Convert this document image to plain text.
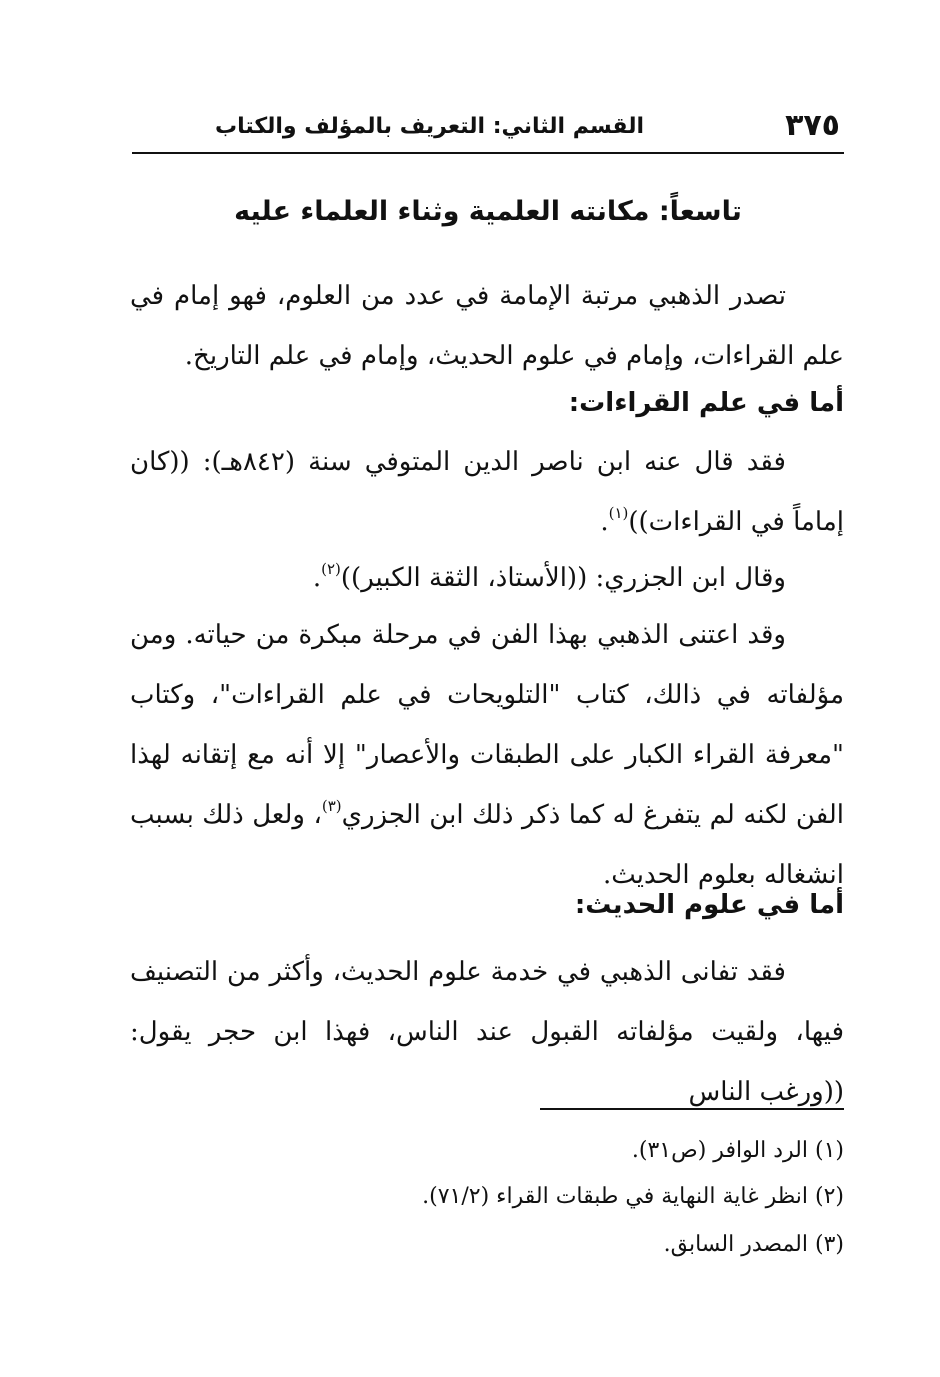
٣٧٥
القسم الثاني: التعريف بالمؤلف والكتاب
تاسعاً: مكانته العلمية وثناء العلماء عليه

تصدر الذهبي مرتبة الإمامة في عدد من العلوم، فهو إمام في علم القراءات، وإمام في علوم الحديث، وإمام في علم التاريخ.

أما في علم القراءات:

فقد قال عنه ابن ناصر الدين المتوفي سنة (٨٤٢هـ): ((كان إماماً في القراءات))$^{(١)}$.

وقال ابن الجزري: ((الأستاذ، الثقة الكبير))$^{(٢)}$.

وقد اعتنى الذهبي بهذا الفن في مرحلة مبكرة من حياته. ومن مؤلفاته في ذالك، كتاب "التلويحات في علم القراءات"، وكتاب "معرفة القراء الكبار على الطبقات والأعصار" إلا أنه مع إتقانه لهذا الفن لكنه لم يتفرغ له كما ذكر ذلك ابن الجزري$^{(٣)}$، ولعل ذلك بسبب انشغاله بعلوم الحديث.

أما في علوم الحديث:

فقد تفانى الذهبي في خدمة علوم الحديث، وأكثر من التصنيف فيها، ولقيت مؤلفاته القبول عند الناس، فهذا ابن حجر يقول: ((ورغب الناس

(١) الرد الوافر (ص٣١).
(٢) انظر غاية النهاية في طبقات القراء (٧١/٢).
(٣) المصدر السابق.
